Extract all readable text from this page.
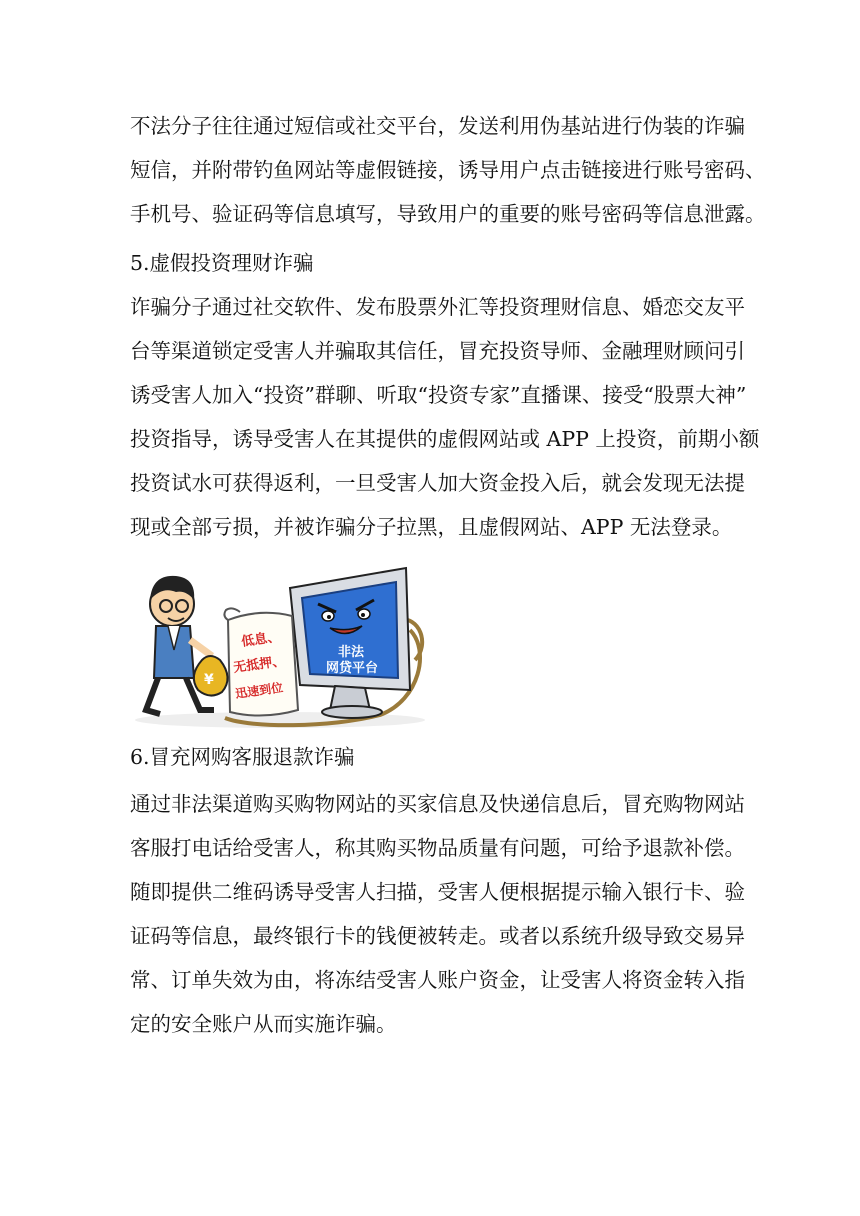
不法分子往往通过短信或社交平台，发送利用伪基站进行伪装的诈骗
短信，并附带钓鱼网站等虚假链接，诱导用户点击链接进行账号密码、
手机号、验证码等信息填写，导致用户的重要的账号密码等信息泄露。
5.虚假投资理财诈骗
诈骗分子通过社交软件、发布股票外汇等投资理财信息、婚恋交友平
台等渠道锁定受害人并骗取其信任，冒充投资导师、金融理财顾问引
诱受害人加入“投资”群聊、听取“投资专家”直播课、接受“股票大神”
投资指导，诱导受害人在其提供的虚假网站或 APP 上投资，前期小额
投资试水可获得返利，一旦受害人加大资金投入后，就会发现无法提
现或全部亏损，并被诈骗分子拉黑，且虚假网站、APP 无法登录。
非法
网贷平台
低息、
无抵押、
迅速到位
¥
6.冒充网购客服退款诈骗
通过非法渠道购买购物网站的买家信息及快递信息后，冒充购物网站
客服打电话给受害人，称其购买物品质量有问题，可给予退款补偿。
随即提供二维码诱导受害人扫描，受害人便根据提示输入银行卡、验
证码等信息，最终银行卡的钱便被转走。或者以系统升级导致交易异
常、订单失效为由，将冻结受害人账户资金，让受害人将资金转入指
定的安全账户从而实施诈骗。
